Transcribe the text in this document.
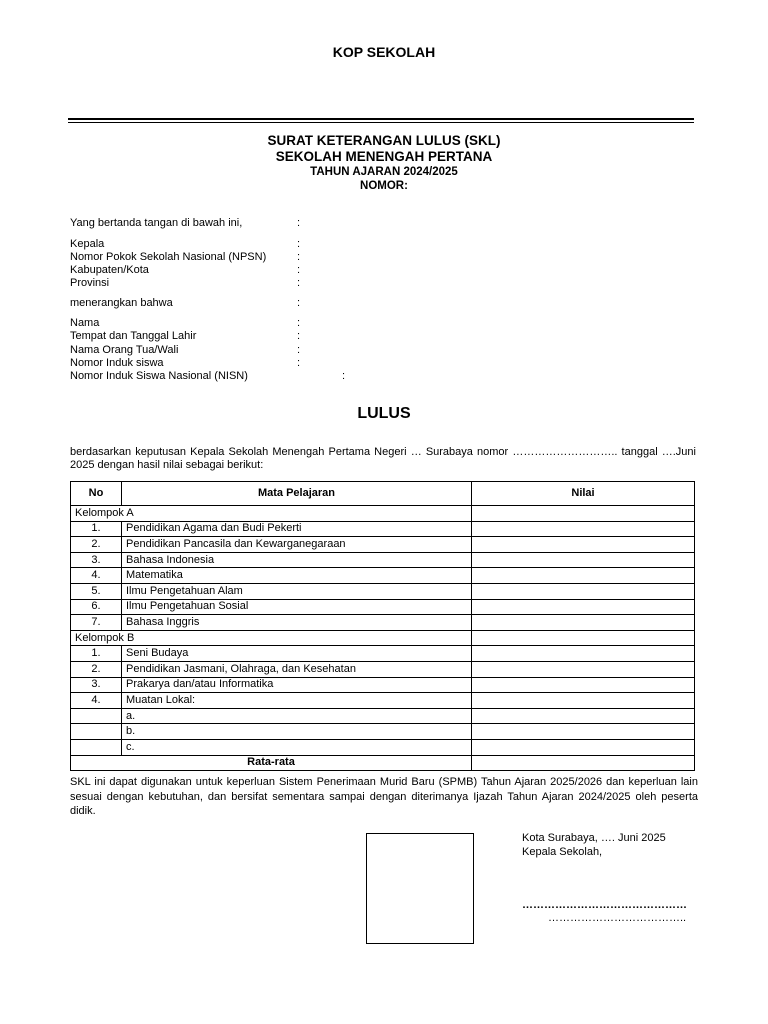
KOP SEKOLAH
SURAT KETERANGAN LULUS (SKL)
SEKOLAH MENENGAH PERTANA
TAHUN AJARAN 2024/2025
NOMOR:
Yang bertanda tangan di bawah ini,	:
Kepala	:
Nomor Pokok Sekolah Nasional (NPSN)	:
Kabupaten/Kota	:
Provinsi	:
menerangkan bahwa	:
Nama	:
Tempat dan Tanggal Lahir	:
Nama Orang Tua/Wali	:
Nomor Induk siswa	:
Nomor Induk Siswa Nasional (NISN)	:
LULUS
berdasarkan keputusan Kepala Sekolah Menengah Pertama Negeri … Surabaya nomor ……………………….. tanggal ….Juni 2025 dengan hasil nilai sebagai berikut:
No	Mata Pelajaran	Nilai
Kelompok A		
1.	Pendidikan Agama dan Budi Pekerti	
2.	Pendidikan Pancasila dan Kewarganegaraan	
3.	Bahasa Indonesia	
4.	Matematika	
5.	Ilmu Pengetahuan Alam	
6.	Ilmu Pengetahuan Sosial	
7.	Bahasa Inggris	
Kelompok B		
1.	Seni Budaya	
2.	Pendidikan Jasmani, Olahraga, dan Kesehatan	
3.	Prakarya dan/atau Informatika	
4.	Muatan Lokal:	
	a.	
	b.	
	c.	
Rata-rata		
SKL ini dapat digunakan untuk keperluan Sistem Penerimaan Murid Baru (SPMB) Tahun Ajaran 2025/2026 dan keperluan lain sesuai dengan kebutuhan, dan bersifat sementara sampai dengan diterimanya Ijazah Tahun Ajaran 2024/2025 oleh peserta didik.
Kota Surabaya, …. Juni 2025
Kepala Sekolah,
………………………………………
………………………………..
